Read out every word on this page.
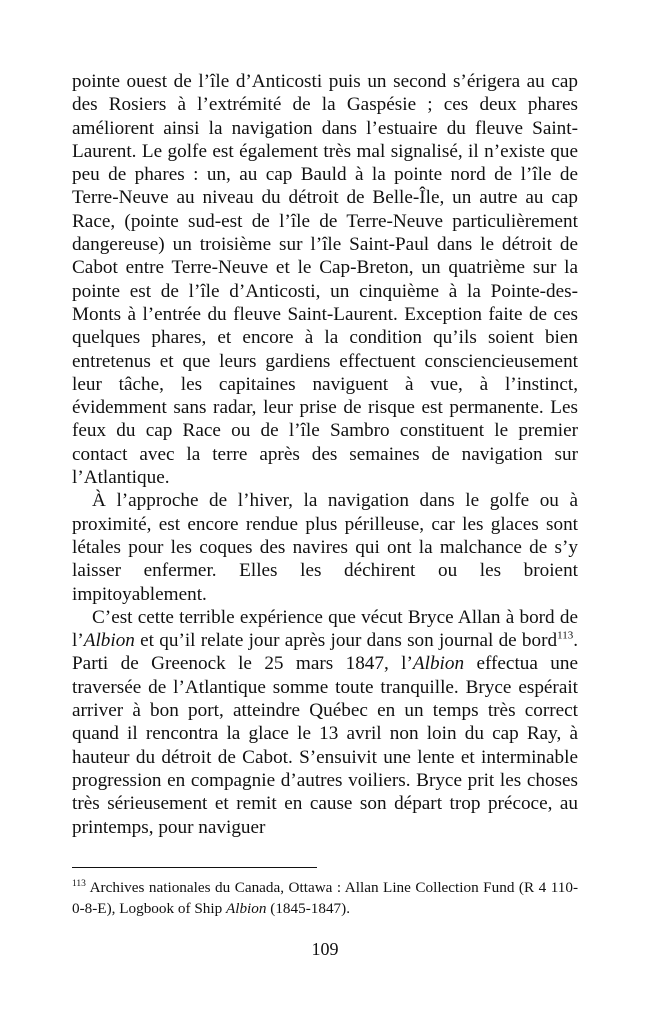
pointe ouest de l’île d’Anticosti puis un second s’érigera au cap des Rosiers à l’extrémité de la Gaspésie ; ces deux phares améliorent ainsi la navigation dans l’estuaire du fleuve Saint-Laurent. Le golfe est également très mal signalisé, il n’existe que peu de phares : un, au cap Bauld à la pointe nord de l’île de Terre-Neuve au niveau du détroit de Belle-Île, un autre au cap Race, (pointe sud-est de l’île de Terre-Neuve particulièrement dangereuse) un troisième sur l’île Saint-Paul dans le détroit de Cabot entre Terre-Neuve et le Cap-Breton, un quatrième sur la pointe est de l’île d’Anticosti, un cinquième à la Pointe-des-Monts à l’entrée du fleuve Saint-Laurent. Exception faite de ces quelques phares, et encore à la condition qu’ils soient bien entretenus et que leurs gardiens effectuent consciencieusement leur tâche, les capitaines naviguent à vue, à l’instinct, évidemment sans radar, leur prise de risque est permanente. Les feux du cap Race ou de l’île Sambro constituent le premier contact avec la terre après des semaines de navigation sur l’Atlantique.

À l’approche de l’hiver, la navigation dans le golfe ou à proximité, est encore rendue plus périlleuse, car les glaces sont létales pour les coques des navires qui ont la malchance de s’y laisser enfermer. Elles les déchirent ou les broient impitoyablement.

C’est cette terrible expérience que vécut Bryce Allan à bord de l’Albion et qu’il relate jour après jour dans son journal de bord$^{113}$. Parti de Greenock le 25 mars 1847, l’Albion effectua une traversée de l’Atlantique somme toute tranquille. Bryce espérait arriver à bon port, atteindre Québec en un temps très correct quand il rencontra la glace le 13 avril non loin du cap Ray, à hauteur du détroit de Cabot. S’ensuivit une lente et interminable progression en compagnie d’autres voiliers. Bryce prit les choses très sérieusement et remit en cause son départ trop précoce, au printemps, pour naviguer

$^{113}$ Archives nationales du Canada, Ottawa : Allan Line Collection Fund (R 4 110-0-8-E), Logbook of Ship Albion (1845-1847).
109
